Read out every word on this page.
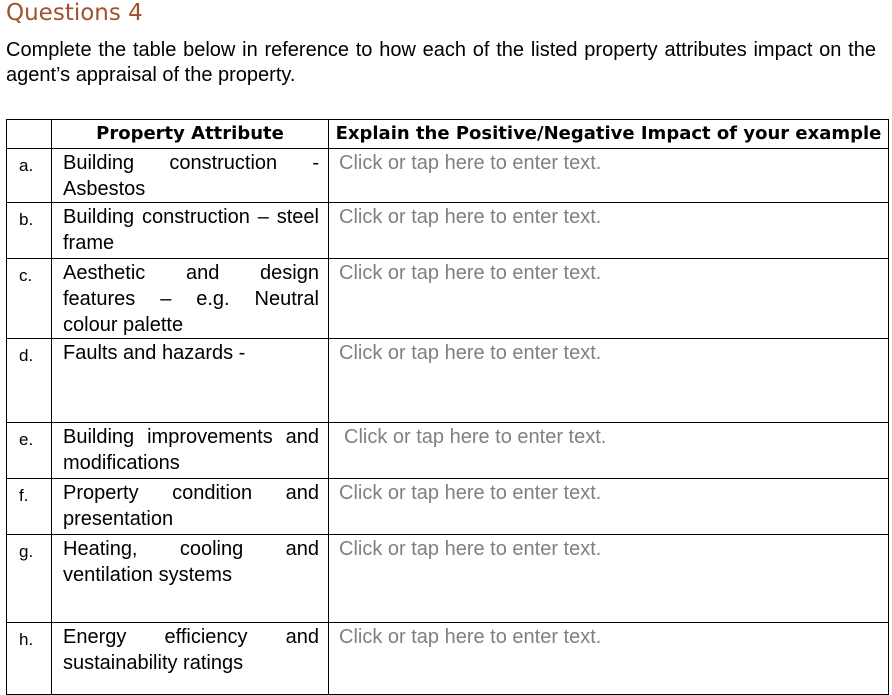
Questions 4
Complete the table below in reference to how each of the listed property attributes impact on the agent’s appraisal of the property.
	Property Attribute	Explain the Positive/Negative Impact of your example
a.	Building construction - Asbestos	Click or tap here to enter text.
b.	Building construction – steel frame	Click or tap here to enter text.
c.	Aesthetic and design features – e.g. Neutral colour palette	Click or tap here to enter text.
d.	Faults and hazards -	Click or tap here to enter text.
e.	Building improvements and modifications	Click or tap here to enter text.
f.	Property condition and presentation	Click or tap here to enter text.
g.	Heating, cooling and ventilation systems	Click or tap here to enter text.
h.	Energy efficiency and sustainability ratings	Click or tap here to enter text.
